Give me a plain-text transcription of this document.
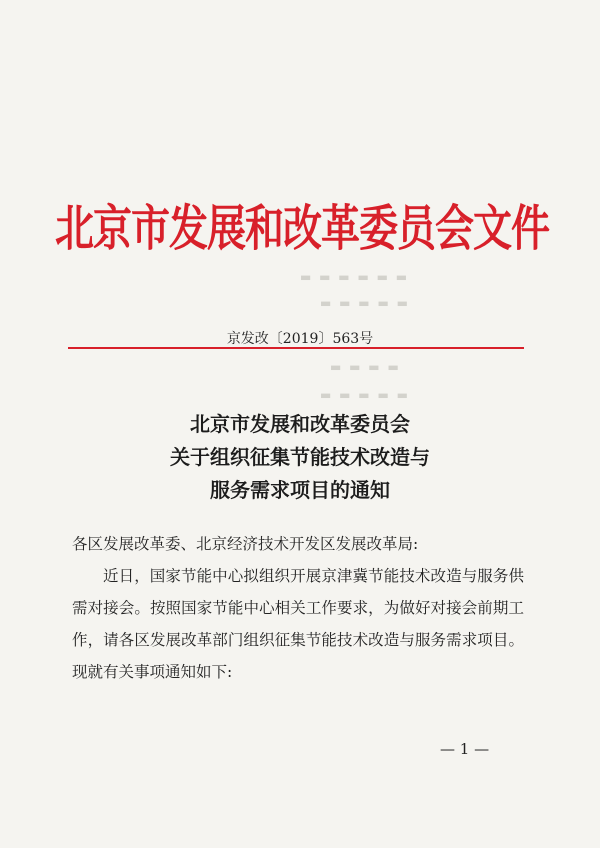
▬ ▬ ▬ ▬ ▬ ▬
▬ ▬ ▬ ▬ ▬
▬ ▬ ▬ ▬
▬ ▬ ▬ ▬ ▬
北京市发展和改革委员会文件
京发改〔2019〕563号
北京市发展和改革委员会
关于组织征集节能技术改造与
服务需求项目的通知

各区发展改革委、北京经济技术开发区发展改革局:

近日，国家节能中心拟组织开展京津冀节能技术改造与服务供需对接会。按照国家节能中心相关工作要求，为做好对接会前期工作，请各区发展改革部门组织征集节能技术改造与服务需求项目。现就有关事项通知如下:

— 1 —
